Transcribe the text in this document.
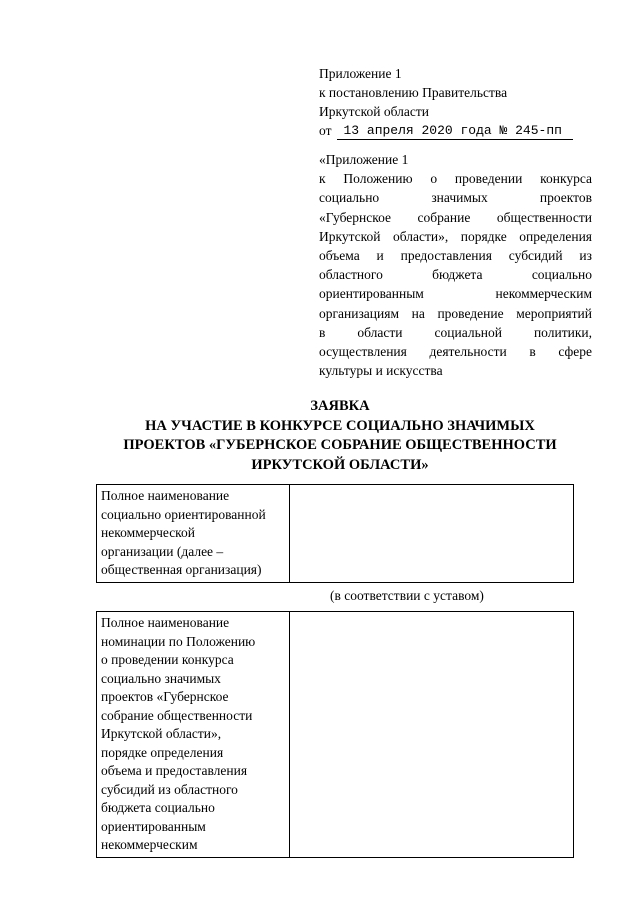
Приложение 1
к постановлению Правительства
Иркутской области
от 13 апреля 2020 года № 245-пп
«Приложение 1
к Положению о проведении конкурса
социально значимых проектов
«Губернское собрание общественности
Иркутской области», порядке определения
объема и предоставления субсидий из
областного бюджета социально
ориентированным некоммерческим
организациям на проведение мероприятий
в области социальной политики,
осуществления деятельности в сфере
культуры и искусства
ЗАЯВКА
НА УЧАСТИЕ В КОНКУРСЕ СОЦИАЛЬНО ЗНАЧИМЫХ
ПРОЕКТОВ «ГУБЕРНСКОЕ СОБРАНИЕ ОБЩЕСТВЕННОСТИ
ИРКУТСКОЙ ОБЛАСТИ»
Полное наименование
социально ориентированной
некоммерческой
организации (далее –
общественная организация)

(в соответствии с уставом)
Полное наименование
номинации по Положению
о проведении конкурса
социально значимых
проектов «Губернское
собрание общественности
Иркутской области»,
порядке определения
объема и предоставления
субсидий из областного
бюджета социально
ориентированным
некоммерческим
